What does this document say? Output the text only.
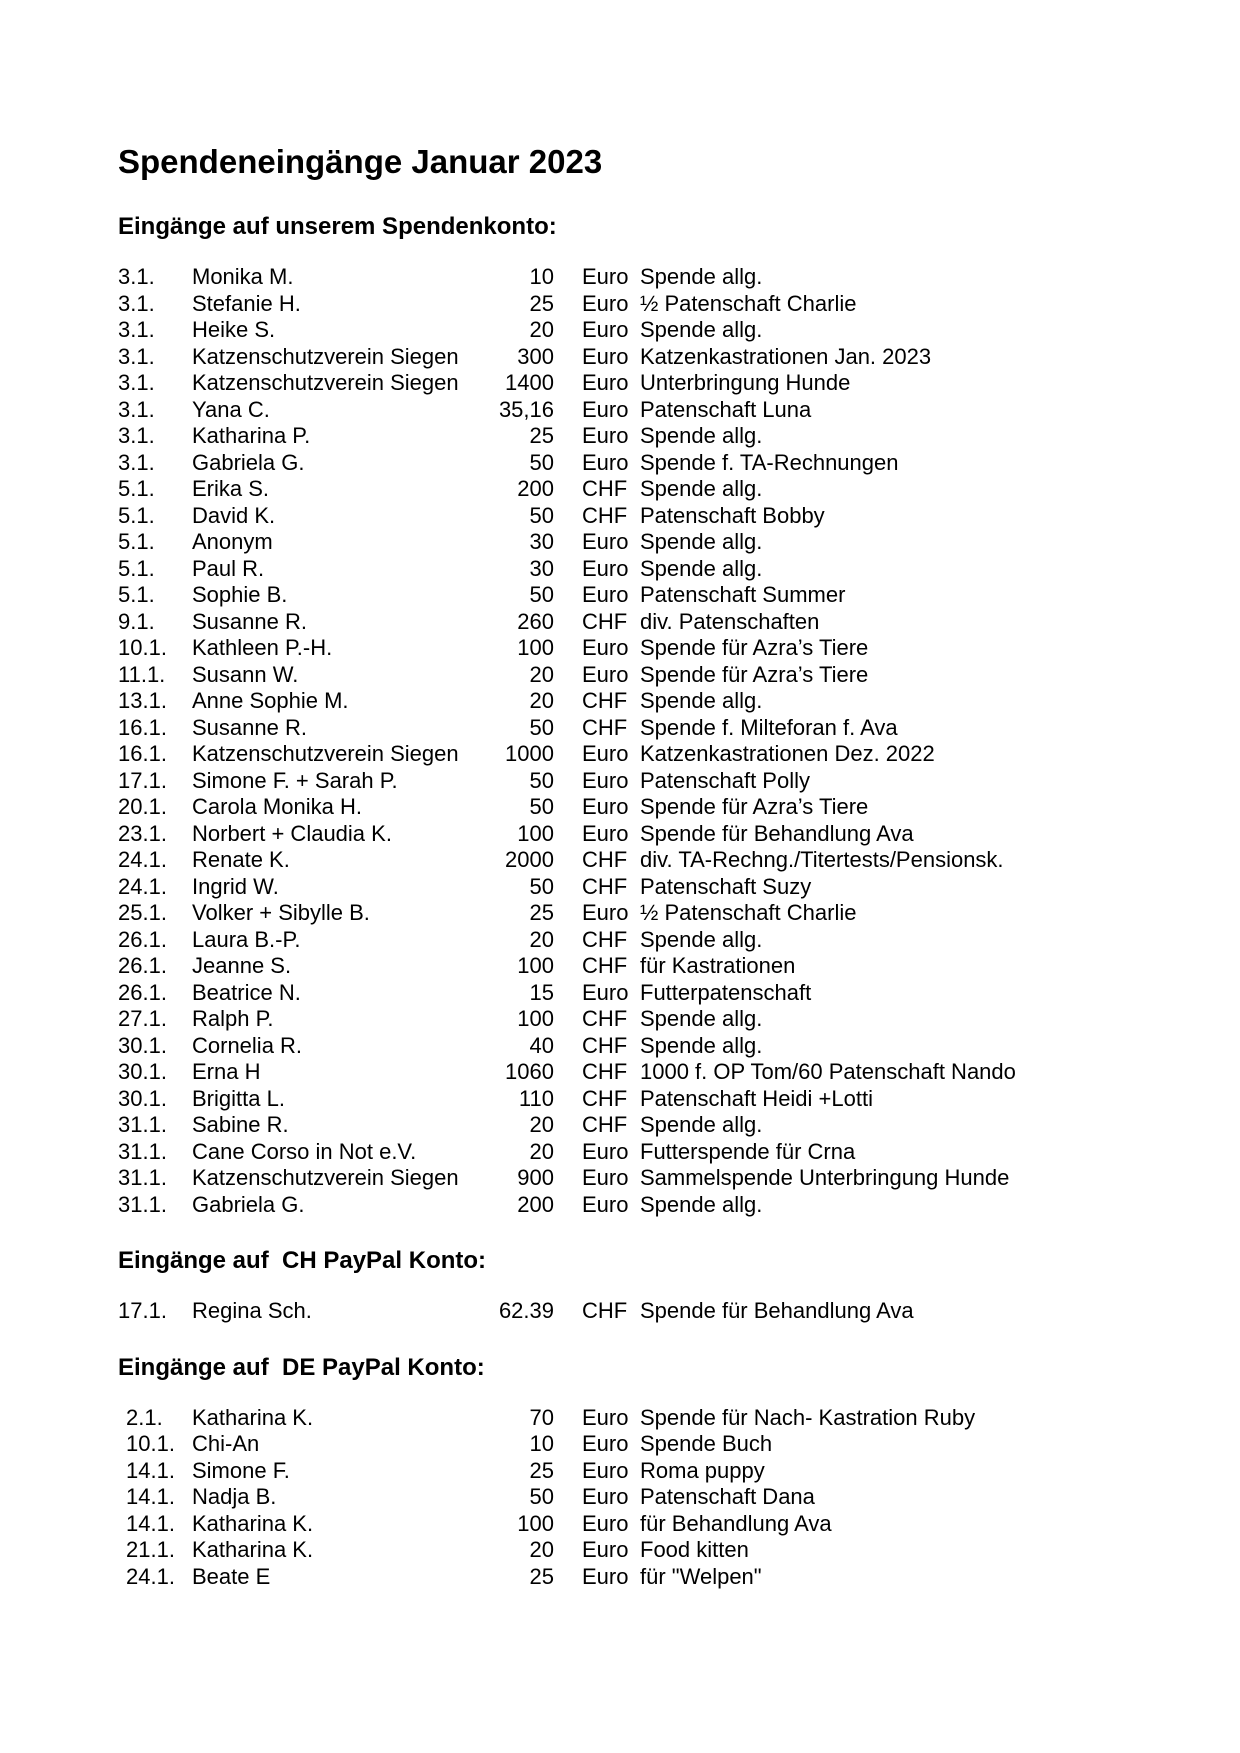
Spendeneingänge Januar 2023
Eingänge auf unserem Spendenkonto:
3.1.	Monika M.	10	Euro Spende allg.
3.1.	Stefanie H.	25	Euro ½ Patenschaft Charlie
3.1.	Heike S.	20	Euro Spende allg.
3.1.	Katzenschutzverein Siegen	300	Euro Katzenkastrationen Jan. 2023
3.1.	Katzenschutzverein Siegen	1400	Euro Unterbringung Hunde
3.1.	Yana C.	35,16	Euro Patenschaft Luna
3.1.	Katharina P.	25	Euro Spende allg.
3.1.	Gabriela G.	50	Euro Spende f. TA-Rechnungen
5.1.	Erika S.	200	CHF Spende allg.
5.1.	David K.	50	CHF Patenschaft Bobby
5.1.	Anonym	30	Euro Spende allg.
5.1.	Paul R.	30	Euro Spende allg.
5.1.	Sophie B.	50	Euro Patenschaft Summer
9.1.	Susanne R.	260	CHF div. Patenschaften
10.1.	Kathleen P.-H.	100	Euro Spende für Azra’s Tiere
11.1.	Susann W.	20	Euro Spende für Azra’s Tiere
13.1.	Anne Sophie M.	20	CHF Spende allg.
16.1.	Susanne R.	50	CHF Spende f. Milteforan f. Ava
16.1.	Katzenschutzverein Siegen	1000	Euro Katzenkastrationen Dez. 2022
17.1.	Simone F. + Sarah P.	50	Euro Patenschaft Polly
20.1.	Carola Monika H.	50	Euro Spende für Azra’s Tiere
23.1.	Norbert + Claudia K.	100	Euro Spende für Behandlung Ava
24.1.	Renate K.	2000	CHF div. TA-Rechng./Titertests/Pensionsk.
24.1.	Ingrid W.	50	CHF Patenschaft Suzy
25.1.	Volker + Sibylle B.	25	Euro ½ Patenschaft Charlie
26.1.	Laura B.-P.	20	CHF Spende allg.
26.1.	Jeanne S.	100	CHF für Kastrationen
26.1.	Beatrice N.	15	Euro Futterpatenschaft
27.1.	Ralph P.	100	CHF Spende allg.
30.1.	Cornelia R.	40	CHF Spende allg.
30.1.	Erna H	1060	CHF 1000 f. OP Tom/60 Patenschaft Nando
30.1.	Brigitta L.	110	CHF Patenschaft Heidi +Lotti
31.1.	Sabine R.	20	CHF Spende allg.
31.1.	Cane Corso in Not e.V.	20	Euro Futterspende für Crna
31.1.	Katzenschutzverein Siegen	900	Euro Sammelspende Unterbringung Hunde
31.1.	Gabriela G.	200	Euro Spende allg.
Eingänge auf  CH PayPal Konto:
17.1.	Regina Sch.	62.39	CHF Spende für Behandlung Ava
Eingänge auf  DE PayPal Konto:
2.1.	Katharina K.	70	Euro Spende für Nach- Kastration Ruby
10.1. Chi-An	10	Euro Spende Buch
14.1. Simone F.	25	Euro Roma puppy
14.1. Nadja B.	50	Euro Patenschaft Dana
14.1. Katharina K.	100	Euro für Behandlung Ava
21.1. Katharina K.	20	Euro Food kitten
24.1. Beate E	25	Euro für "Welpen"
